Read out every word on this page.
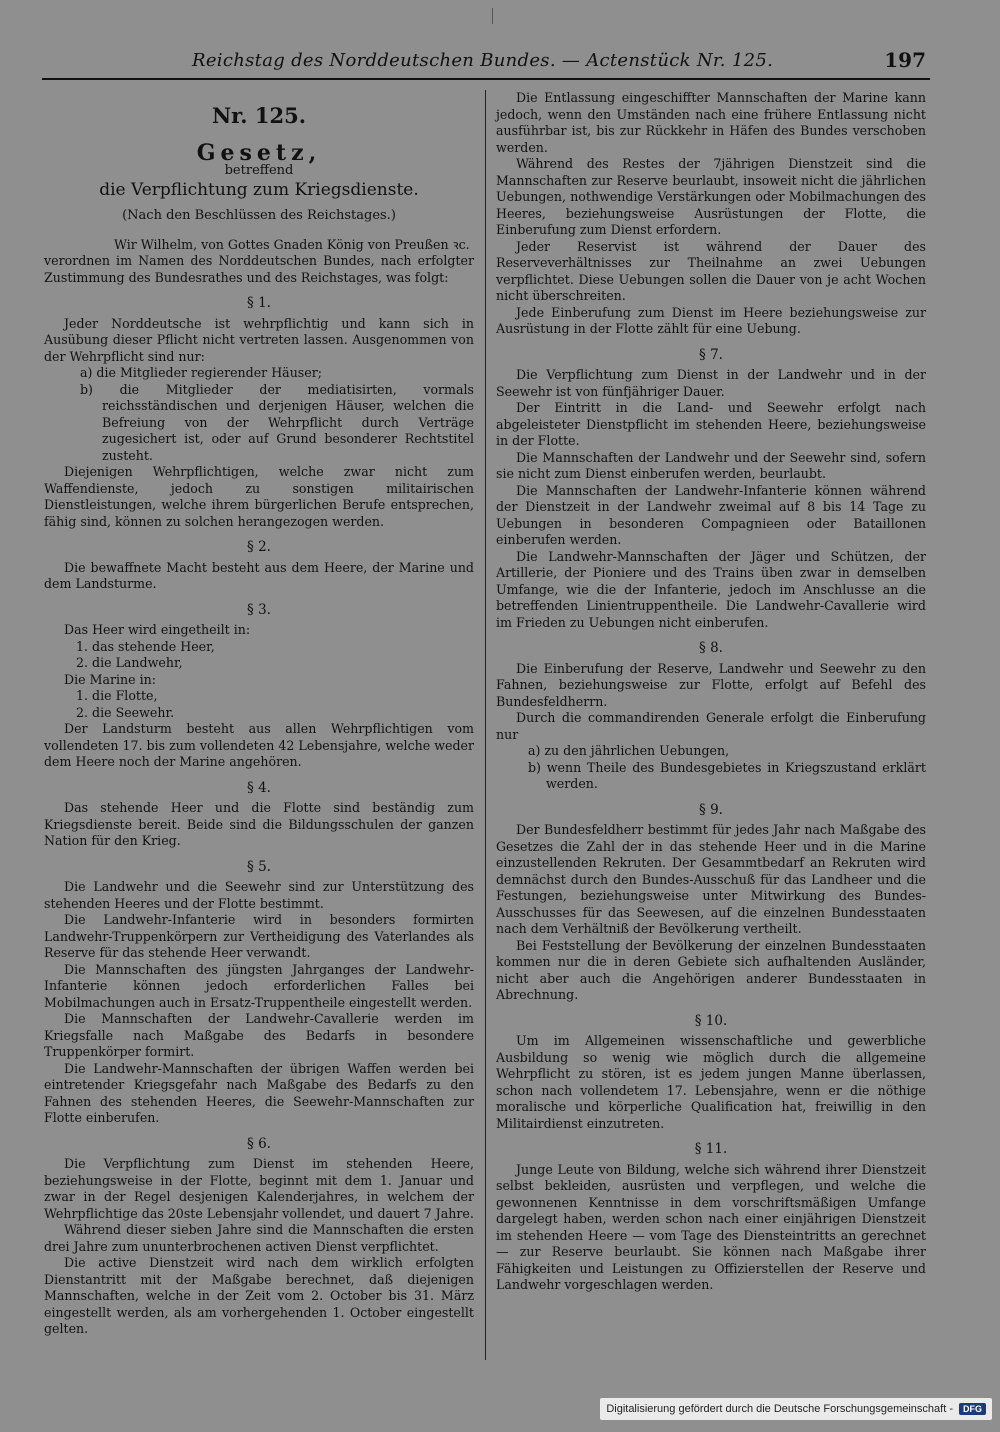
Reichstag des Norddeutschen Bundes. — Actenstück Nr. 125.	197
Nr. 125.
Gesetz,
betreffend
die Verpflichtung zum Kriegsdienste.
(Nach den Beschlüssen des Reichstages.)

Wir Wilhelm, von Gottes Gnaden König von Preußen ꝛc.

verordnen im Namen des Norddeutschen Bundes, nach erfolgter Zustimmung des Bundesrathes und des Reichstages, was folgt:

§ 1.

Jeder Norddeutsche ist wehrpflichtig und kann sich in Ausübung dieser Pflicht nicht vertreten lassen. Ausgenommen von der Wehrpflicht sind nur:

a) die Mitglieder regierender Häuser;
b) die Mitglieder der mediatisirten, vormals reichsständischen und derjenigen Häuser, welchen die Befreiung von der Wehrpflicht durch Verträge zugesichert ist, oder auf Grund besonderer Rechtstitel zusteht.

Diejenigen Wehrpflichtigen, welche zwar nicht zum Waffendienste, jedoch zu sonstigen militairischen Dienstleistungen, welche ihrem bürgerlichen Berufe entsprechen, fähig sind, können zu solchen herangezogen werden.

§ 2.

Die bewaffnete Macht besteht aus dem Heere, der Marine und dem Landsturme.

§ 3.

Das Heer wird eingetheilt in:

1. das stehende Heer,
2. die Landwehr,

Die Marine in:

1. die Flotte,
2. die Seewehr.

Der Landsturm besteht aus allen Wehrpflichtigen vom vollendeten 17. bis zum vollendeten 42 Lebensjahre, welche weder dem Heere noch der Marine angehören.

§ 4.

Das stehende Heer und die Flotte sind beständig zum Kriegsdienste bereit. Beide sind die Bildungsschulen der ganzen Nation für den Krieg.

§ 5.

Die Landwehr und die Seewehr sind zur Unterstützung des stehenden Heeres und der Flotte bestimmt.

Die Landwehr-Infanterie wird in besonders formirten Landwehr-Truppenkörpern zur Vertheidigung des Vaterlandes als Reserve für das stehende Heer verwandt.

Die Mannschaften des jüngsten Jahrganges der Landwehr-Infanterie können jedoch erforderlichen Falles bei Mobilmachungen auch in Ersatz-Truppentheile eingestellt werden.

Die Mannschaften der Landwehr-Cavallerie werden im Kriegsfalle nach Maßgabe des Bedarfs in besondere Truppenkörper formirt.

Die Landwehr-Mannschaften der übrigen Waffen werden bei eintretender Kriegsgefahr nach Maßgabe des Bedarfs zu den Fahnen des stehenden Heeres, die Seewehr-Mannschaften zur Flotte einberufen.

§ 6.

Die Verpflichtung zum Dienst im stehenden Heere, beziehungsweise in der Flotte, beginnt mit dem 1. Januar und zwar in der Regel desjenigen Kalenderjahres, in welchem der Wehrpflichtige das 20ste Lebensjahr vollendet, und dauert 7 Jahre.

Während dieser sieben Jahre sind die Mannschaften die ersten drei Jahre zum ununterbrochenen activen Dienst verpflichtet.

Die active Dienstzeit wird nach dem wirklich erfolgten Dienstantritt mit der Maßgabe berechnet, daß diejenigen Mannschaften, welche in der Zeit vom 2. October bis 31. März eingestellt werden, als am vorhergehenden 1. October eingestellt gelten.

Die Entlassung eingeschiffter Mannschaften der Marine kann jedoch, wenn den Umständen nach eine frühere Entlassung nicht ausführbar ist, bis zur Rückkehr in Häfen des Bundes verschoben werden.

Während des Restes der 7jährigen Dienstzeit sind die Mannschaften zur Reserve beurlaubt, insoweit nicht die jährlichen Uebungen, nothwendige Verstärkungen oder Mobilmachungen des Heeres, beziehungsweise Ausrüstungen der Flotte, die Einberufung zum Dienst erfordern.

Jeder Reservist ist während der Dauer des Reserveverhältnisses zur Theilnahme an zwei Uebungen verpflichtet. Diese Uebungen sollen die Dauer von je acht Wochen nicht überschreiten.

Jede Einberufung zum Dienst im Heere beziehungsweise zur Ausrüstung in der Flotte zählt für eine Uebung.

§ 7.

Die Verpflichtung zum Dienst in der Landwehr und in der Seewehr ist von fünfjähriger Dauer.

Der Eintritt in die Land- und Seewehr erfolgt nach abgeleisteter Dienstpflicht im stehenden Heere, beziehungsweise in der Flotte.

Die Mannschaften der Landwehr und der Seewehr sind, sofern sie nicht zum Dienst einberufen werden, beurlaubt.

Die Mannschaften der Landwehr-Infanterie können während der Dienstzeit in der Landwehr zweimal auf 8 bis 14 Tage zu Uebungen in besonderen Compagnieen oder Bataillonen einberufen werden.

Die Landwehr-Mannschaften der Jäger und Schützen, der Artillerie, der Pioniere und des Trains üben zwar in demselben Umfange, wie die der Infanterie, jedoch im Anschlusse an die betreffenden Linientruppentheile. Die Landwehr-Cavallerie wird im Frieden zu Uebungen nicht einberufen.

§ 8.

Die Einberufung der Reserve, Landwehr und Seewehr zu den Fahnen, beziehungsweise zur Flotte, erfolgt auf Befehl des Bundesfeldherrn.

Durch die commandirenden Generale erfolgt die Einberufung nur

a) zu den jährlichen Uebungen,
b) wenn Theile des Bundesgebietes in Kriegszustand erklärt werden.
§ 9.

Der Bundesfeldherr bestimmt für jedes Jahr nach Maßgabe des Gesetzes die Zahl der in das stehende Heer und in die Marine einzustellenden Rekruten. Der Gesammtbedarf an Rekruten wird demnächst durch den Bundes-Ausschuß für das Landheer und die Festungen, beziehungsweise unter Mitwirkung des Bundes-Ausschusses für das Seewesen, auf die einzelnen Bundesstaaten nach dem Verhältniß der Bevölkerung vertheilt.

Bei Feststellung der Bevölkerung der einzelnen Bundesstaaten kommen nur die in deren Gebiete sich aufhaltenden Ausländer, nicht aber auch die Angehörigen anderer Bundesstaaten in Abrechnung.

§ 10.

Um im Allgemeinen wissenschaftliche und gewerbliche Ausbildung so wenig wie möglich durch die allgemeine Wehrpflicht zu stören, ist es jedem jungen Manne überlassen, schon nach vollendetem 17. Lebensjahre, wenn er die nöthige moralische und körperliche Qualification hat, freiwillig in den Militairdienst einzutreten.

§ 11.

Junge Leute von Bildung, welche sich während ihrer Dienstzeit selbst bekleiden, ausrüsten und verpflegen, und welche die gewonnenen Kenntnisse in dem vorschriftsmäßigen Umfange dargelegt haben, werden schon nach einer einjährigen Dienstzeit im stehenden Heere — vom Tage des Diensteintritts an gerechnet — zur Reserve beurlaubt. Sie können nach Maßgabe ihrer Fähigkeiten und Leistungen zu Offizierstellen der Reserve und Landwehr vorgeschlagen werden.

Digitalisierung gefördert durch die Deutsche Forschungsgemeinschaft -	DFG
